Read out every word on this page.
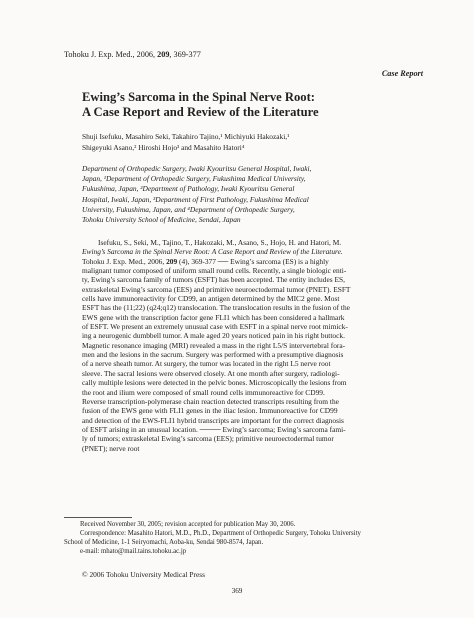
Tohoku J. Exp. Med., 2006, 209, 369-377

Case Report

Ewing’s Sarcoma in the Spinal Nerve Root:
A Case Report and Review of the Literature
Shuji Isefuku, Masahiro Seki, Takahiro Tajino,¹ Michiyuki Hakozaki,¹
Shigeyuki Asano,² Hiroshi Hojo³ and Masahito Hatori⁴
Department of Orthopedic Surgery, Iwaki Kyouritsu General Hospital, Iwaki,
Japan, ¹Department of Orthopedic Surgery, Fukushima Medical University,
Fukushima, Japan, ²Department of Pathology, Iwaki Kyouritsu General
Hospital, Iwaki, Japan, ³Department of First Pathology, Fukushima Medical
University, Fukushima, Japan, and ⁴Department of Orthopedic Surgery,
Tohoku University School of Medicine, Sendai, Japan
Isefuku, S., Seki, M., Tajino, T., Hakozaki, M., Asano, S., Hojo, H. and Hatori, M.
Ewing’s Sarcoma in the Spinal Nerve Root: A Case Report and Review of the Literature.
Tohoku J. Exp. Med., 2006, 209 (4), 369-377 ── Ewing’s sarcoma (ES) is a highly
malignant tumor composed of uniform small round cells. Recently, a single biologic enti-
ty, Ewing’s sarcoma family of tumors (ESFT) has been accepted. The entity includes ES,
extraskeletal Ewing’s sarcoma (EES) and primitive neuroectodermal tumor (PNET). ESFT
cells have immunoreactivity for CD99, an antigen determined by the MIC2 gene. Most
ESFT has the (11;22) (q24;q12) translocation. The translocation results in the fusion of the
EWS gene with the transcription factor gene FLI1 which has been considered a hallmark
of ESFT. We present an extremely unusual case with ESFT in a spinal nerve root mimick-
ing a neurogenic dumbbell tumor. A male aged 20 years noticed pain in his right buttock.
Magnetic resonance imaging (MRI) revealed a mass in the right L5/S intervertebral fora-
men and the lesions in the sacrum. Surgery was performed with a presumptive diagnosis
of a nerve sheath tumor. At surgery, the tumor was located in the right L5 nerve root
sleeve. The sacral lesions were observed closely. At one month after surgery, radiologi-
cally multiple lesions were detected in the pelvic bones. Microscopically the lesions from
the root and ilium were composed of small round cells immunoreactive for CD99.
Reverse transcription-polymerase chain reaction detected transcripts resulting from the
fusion of the EWS gene with FLI1 genes in the iliac lesion. Immunoreactive for CD99
and detection of the EWS-FLI1 hybrid transcripts are important for the correct diagnosis
of ESFT arising in an unusual location. ──── Ewing’s sarcoma; Ewing’s sarcoma fami-
ly of tumors; extraskeletal Ewing’s sarcoma (EES); primitive neuroectodermal tumor
(PNET); nerve root
© 2006 Tohoku University Medical Press
Received November 30, 2005; revision accepted for publication May 30, 2006.
Correspondence: Masahito Hatori, M.D., Ph.D., Department of Orthopedic Surgery, Tohoku University
School of Medicine, 1-1 Seiryomachi, Aoba-ku, Sendai 980-8574, Japan.
e-mail: mhato@mail.tains.tohoku.ac.jp
369
